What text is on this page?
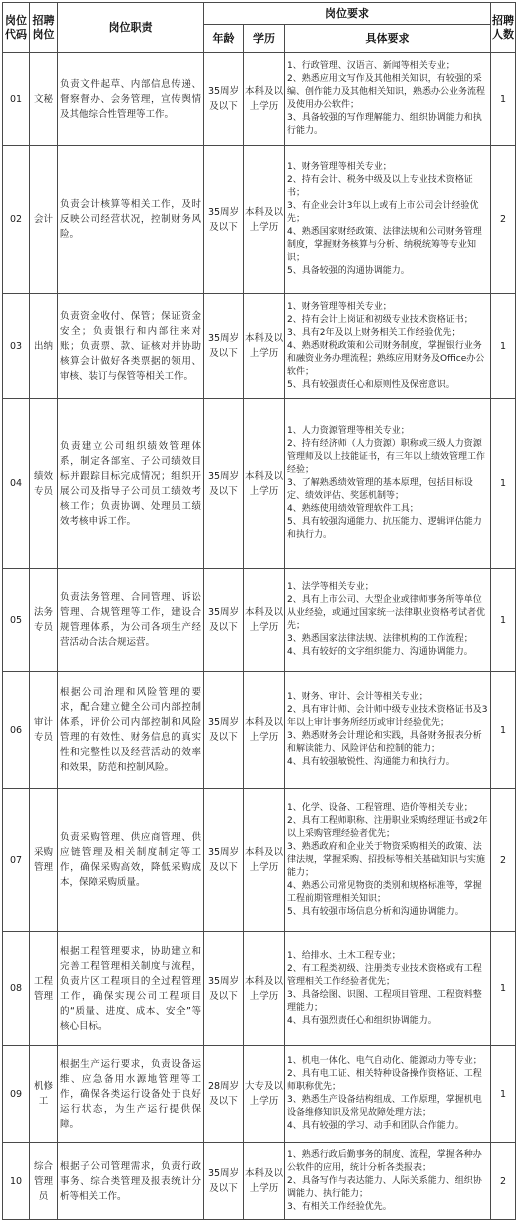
岗位代码	招聘岗位	岗位职责	岗位要求			招聘人数

			年龄	学历	具体要求	
01	文秘	负责文件起草、内部信息传递、督察督办、会务管理，宣传舆情及其他综合性管理等工作。	35周岁及以下	本科及以上学历	1、行政管理、汉语言、新闻等相关专业；
2、熟悉应用文写作及其他相关知识，有较强的采编、创作能力及其他相关知识，熟悉办公业务流程及使用办公软件；
3、具备较强的写作理解能力、组织协调能力和执行能力。	1
02	会计	负责会计核算等相关工作，及时反映公司经营状况，控制财务风险。	35周岁及以下	本科及以上学历	1、财务管理等相关专业；
2、持有会计、税务中级及以上专业技术资格证书；
3、有企业会计3年以上或有上市公司会计经验优先；
4、熟悉国家财经政策、法律法规和公司财务管理制度，掌握财务核算与分析、纳税统筹等专业知识；
5、具备较强的沟通协调能力。	2
03	出纳	负责资金收付、保管；保证资金安全；负责银行和内部往来对账；负责票、款、证核对并协助核算会计做好各类票据的领用、审核、装订与保管等相关工作。	35周岁及以下	本科及以上学历	1、财务管理等相关专业；
2、持有会计上岗证和初级专业技术资格证书；
3、具有2年及以上财务相关工作经验优先；
4、熟悉财税政策和公司财务制度，掌握银行业务和融资业务办理流程；熟练应用财务及Office办公软件；
5、具有较强责任心和原则性及保密意识。	1
04	绩效专员	负责建立公司组织绩效管理体系，制定各部室、子公司绩效目标并跟踪目标完成情况；组织开展公司及指导子公司员工绩效考核工作；负责协调、处理员工绩效考核申诉工作。	35周岁及以下	本科及以上学历	1、人力资源管理等相关专业；
2、持有经济师（人力资源）职称或三级人力资源管理师及以上技能证书，有三年以上绩效管理工作经验；
3、了解熟悉绩效管理的基本原理，包括目标设定、绩效评估、奖惩机制等；
4、熟练使用绩效管理软件工具；
5、具有较强沟通能力、抗压能力、逻辑评估能力和执行力。	1
05	法务专员	负责法务管理、合同管理、诉讼管理、合规管理等工作，建设合规管理体系，为公司各项生产经营活动合法合规运营。	35周岁及以下	本科及以上学历	1、法学等相关专业；
2、具有上市公司、大型企业或律师事务所等单位从业经验，或通过国家统一法律职业资格考试者优先；
3、熟悉国家法律法规、法律机构的工作流程；
4、具有较好的文字组织能力、沟通协调能力。	1
06	审计专员	根据公司治理和风险管理的要求，配合建立健全公司内部控制体系，评价公司内部控制和风险管理的有效性、财务信息的真实性和完整性以及经营活动的效率和效果，防范和控制风险。	35周岁及以下	本科及以上学历	1、财务、审计、会计等相关专业；
2、具有审计师、会计师中级专业技术资格证书及3年以上审计事务所经历或审计经验优先；
3、熟悉财务会计理论和实践，具备财务报表分析和解读能力、风险评估和控制的能力；
4、具有较强敏锐性、沟通能力和执行力。	1
07	采购管理	负责采购管理、供应商管理、供应链管理及相关制度制定等工作，确保采购高效，降低采购成本，保障采购质量。	35周岁及以下	本科及以上学历	1、化学、设备、工程管理、造价等相关专业；
2、具有工程师职称、注册职业采购经理证书或2年以上采购管理经验者优先；
3、熟悉政府和企业关于物资采购相关的政策、法律法规，掌握采购、招投标等相关基础知识与实施能力；
4、熟悉公司常见物资的类别和规格标准等，掌握工程前期管理相关知识；
5、具有较强市场信息分析和沟通协调能力。	2
08	工程管理	根据工程管理要求，协助建立和完善工程管理相关制度与流程，负责片区工程项目的全过程管理工作，确保实现公司工程项目的“质量、进度、成本、安全”等核心目标。	35周岁及以下	本科及以上学历	1、给排水、土木工程专业；
2、有工程类初级、注册类专业技术资格或有工程管理相关工作经验者优先；
3、具备绘图、识图、工程项目管理、工程资料整理能力；
4、具有强烈责任心和组织协调能力。	1
09	机修工	根据生产运行要求，负责设备运维、应急备用水源地管理等工作，确保各类运行设备处于良好运行状态，为生产运行提供保障。	28周岁及以下	大专及以上学历	1、机电一体化、电气自动化、能源动力等专业；
2、具有电工证、相关特种设备操作资格证、工程师职称优先；
3、熟悉生产设备结构组成、工作原理，掌握机电设备维修知识及常见故障处理方法；
4、具有较强的学习、动手和团队合作能力。	1
10	综合管理员	根据子公司管理需求，负责行政事务、综合类管理及报表统计分析等相关工作。	35周岁及以下	本科及以上学历	1、熟悉行政后勤事务的制度、流程，掌握各种办公软件的应用，统计分析各类报表；
2、具备写作与表达能力、人际关系能力、组织协调能力、执行能力；
3、有相关工作经验优先。	2
